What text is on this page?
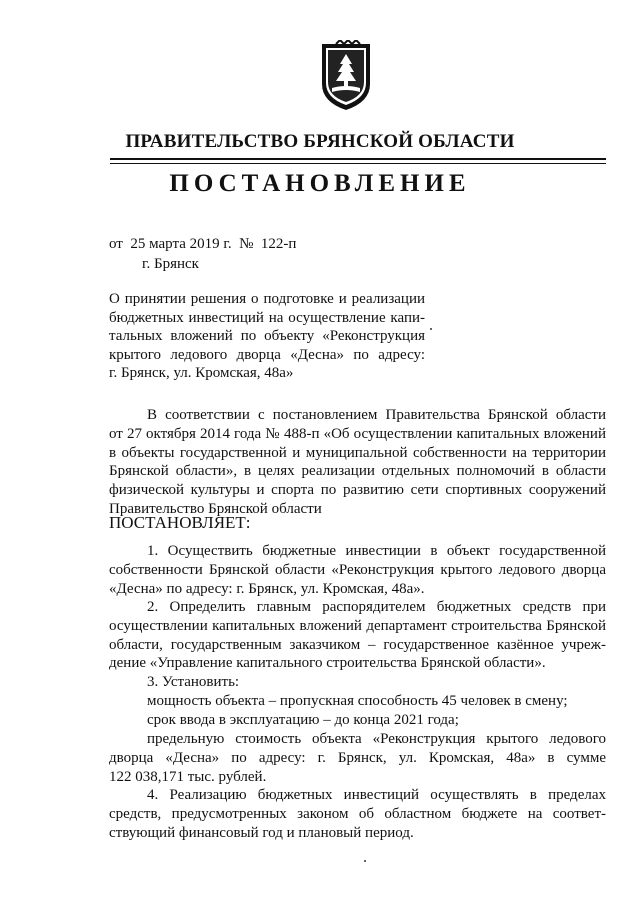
ПРАВИТЕЛЬСТВО БРЯНСКОЙ ОБЛАСТИ
ПОСТАНОВЛЕНИЕ
от  25 марта 2019 г.  №  122-п
г. Брянск
О принятии решения о подготовке и реализации
бюджетных инвестиций на осуществление капи-
тальных вложений по объекту «Реконструкция
крытого ледового дворца «Десна» по адресу:
г. Брянск, ул. Кромская, 48а»
В соответствии с постановлением Правительства Брянской области
от 27 октября 2014 года № 488-п «Об осуществлении капитальных вложений
в объекты государственной и муниципальной собственности на территории
Брянской области», в целях реализации отдельных полномочий в области
физической культуры и спорта по развитию сети спортивных сооружений
Правительство Брянской области
ПОСТАНОВЛЯЕТ:
1. Осуществить бюджетные инвестиции в объект государственной
собственности Брянской области «Реконструкция крытого ледового дворца
«Десна» по адресу: г. Брянск, ул. Кромская, 48а».
2. Определить главным распорядителем бюджетных средств при
осуществлении капитальных вложений департамент строительства Брянской
области, государственным заказчиком – государственное казённое учреж-
дение «Управление капитального строительства Брянской области».
3. Установить:
мощность объекта – пропускная способность 45 человек в смену;
срок ввода в эксплуатацию – до конца 2021 года;
предельную стоимость объекта «Реконструкция крытого ледового
дворца «Десна» по адресу: г. Брянск, ул. Кромская, 48а» в сумме
122 038,171 тыс. рублей.
4. Реализацию бюджетных инвестиций осуществлять в пределах
средств, предусмотренных законом об областном бюджете на соответ-
ствующий финансовый год и плановый период.
